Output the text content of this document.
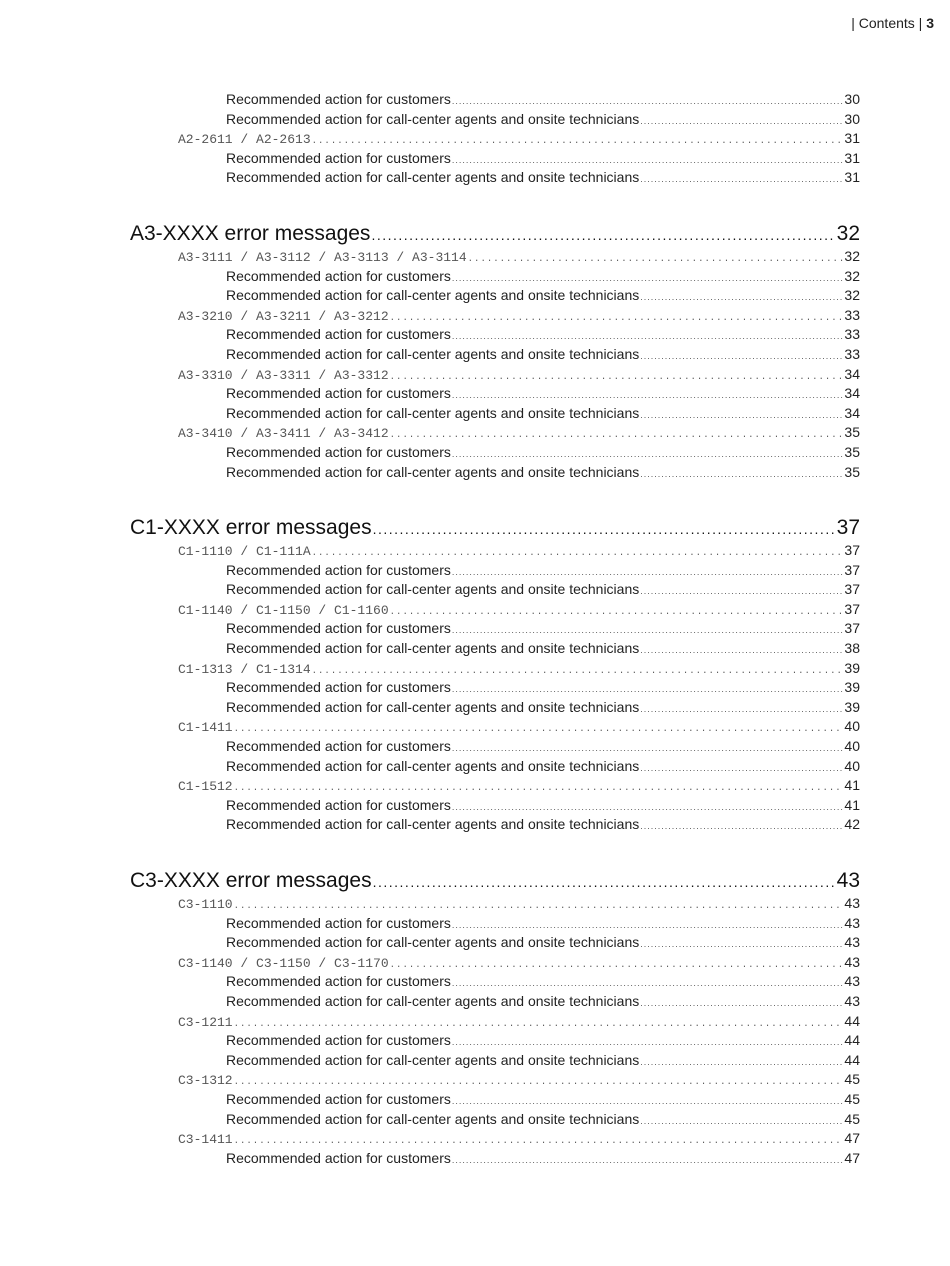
| Contents | 3
Recommended action for customers .....	30
Recommended action for call-center agents and onsite technicians .....	30
A2-2611 / A2-2613 .....	31
Recommended action for customers .....	31
Recommended action for call-center agents and onsite technicians .....	31
A3-XXXX error messages .....	32
A3-3111 / A3-3112 / A3-3113 / A3-3114 .....	32
Recommended action for customers .....	32
Recommended action for call-center agents and onsite technicians .....	32
A3-3210 / A3-3211 / A3-3212 .....	33
Recommended action for customers .....	33
Recommended action for call-center agents and onsite technicians .....	33
A3-3310 / A3-3311 / A3-3312 .....	34
Recommended action for customers .....	34
Recommended action for call-center agents and onsite technicians .....	34
A3-3410 / A3-3411 / A3-3412 .....	35
Recommended action for customers .....	35
Recommended action for call-center agents and onsite technicians .....	35
C1-XXXX error messages .....	37
C1-1110 / C1-111A .....	37
Recommended action for customers .....	37
Recommended action for call-center agents and onsite technicians .....	37
C1-1140 / C1-1150 / C1-1160 .....	37
Recommended action for customers .....	37
Recommended action for call-center agents and onsite technicians .....	38
C1-1313 / C1-1314 .....	39
Recommended action for customers .....	39
Recommended action for call-center agents and onsite technicians .....	39
C1-1411 .....	40
Recommended action for customers .....	40
Recommended action for call-center agents and onsite technicians .....	40
C1-1512 .....	41
Recommended action for customers .....	41
Recommended action for call-center agents and onsite technicians .....	42
C3-XXXX error messages .....	43
C3-1110 .....	43
Recommended action for customers .....	43
Recommended action for call-center agents and onsite technicians .....	43
C3-1140 / C3-1150 / C3-1170 .....	43
Recommended action for customers .....	43
Recommended action for call-center agents and onsite technicians .....	43
C3-1211 .....	44
Recommended action for customers .....	44
Recommended action for call-center agents and onsite technicians .....	44
C3-1312 .....	45
Recommended action for customers .....	45
Recommended action for call-center agents and onsite technicians .....	45
C3-1411 .....	47
Recommended action for customers .....	47
